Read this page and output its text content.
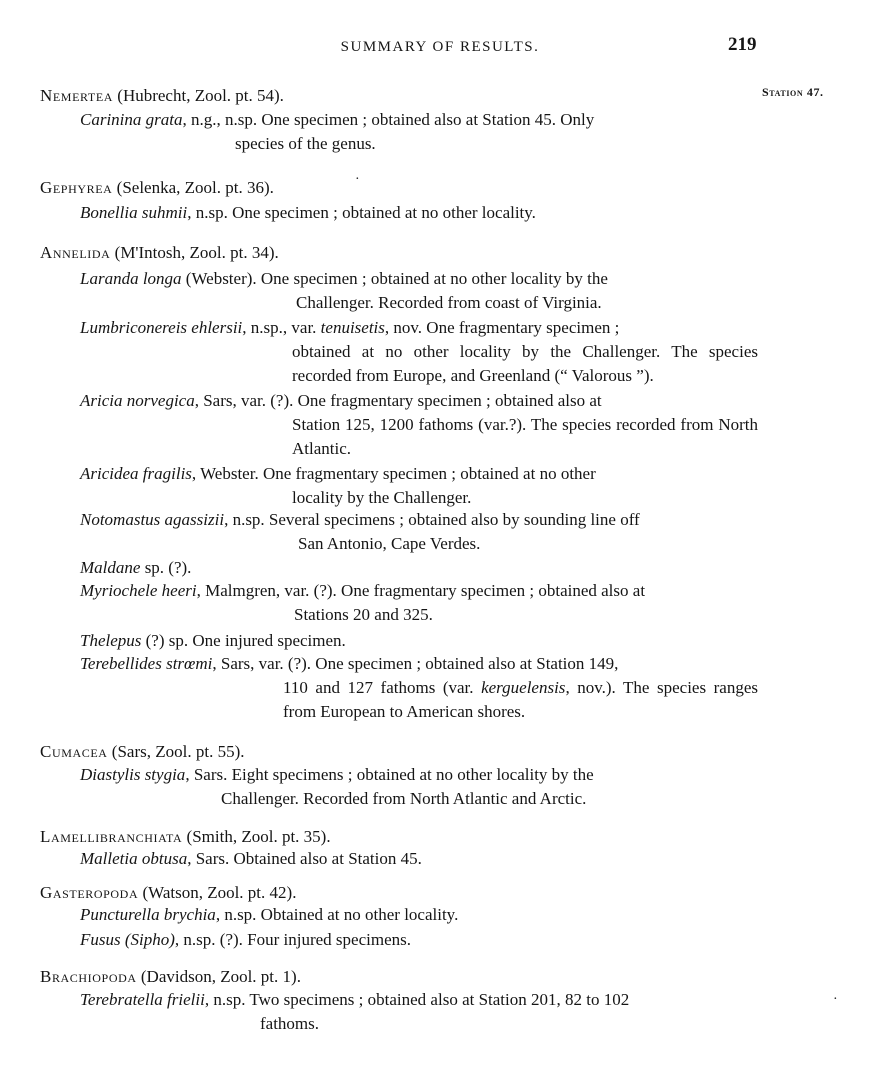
SUMMARY OF RESULTS.	219
Station 47.
Nemertea (Hubrecht, Zool. pt. 54).
Carinina grata, n.g., n.sp. One specimen ; obtained also at Station 45. Only
species of the genus.
Gephyrea (Selenka, Zool. pt. 36).
Bonellia suhmii, n.sp. One specimen ; obtained at no other locality.
Annelida (M'Intosh, Zool. pt. 34).
Laranda longa (Webster). One specimen ; obtained at no other locality by the
Challenger. Recorded from coast of Virginia.
Lumbriconereis ehlersii, n.sp., var. tenuisetis, nov. One fragmentary specimen ;
obtained at no other locality by the Challenger. The species recorded from Europe, and Greenland (“ Valorous ”).
Aricia norvegica, Sars, var. (?). One fragmentary specimen ; obtained also at
Station 125, 1200 fathoms (var.?). The species recorded from North Atlantic.
Aricidea fragilis, Webster. One fragmentary specimen ; obtained at no other
locality by the Challenger.
Notomastus agassizii, n.sp. Several specimens ; obtained also by sounding line off
San Antonio, Cape Verdes.
Maldane sp. (?).
Myriochele heeri, Malmgren, var. (?). One fragmentary specimen ; obtained also at
Stations 20 and 325.
Thelepus (?) sp. One injured specimen.
Terebellides strœmi, Sars, var. (?). One specimen ; obtained also at Station 149,
110 and 127 fathoms (var. kerguelensis, nov.). The species ranges from European to American shores.
Cumacea (Sars, Zool. pt. 55).
Diastylis stygia, Sars. Eight specimens ; obtained at no other locality by the
Challenger. Recorded from North Atlantic and Arctic.
Lamellibranchiata (Smith, Zool. pt. 35).
Malletia obtusa, Sars. Obtained also at Station 45.
Gasteropoda (Watson, Zool. pt. 42).
Puncturella brychia, n.sp. Obtained at no other locality.
Fusus (Sipho), n.sp. (?). Four injured specimens.
Brachiopoda (Davidson, Zool. pt. 1).
Terebratella frielii, n.sp. Two specimens ; obtained also at Station 201, 82 to 102
fathoms.
·
·
